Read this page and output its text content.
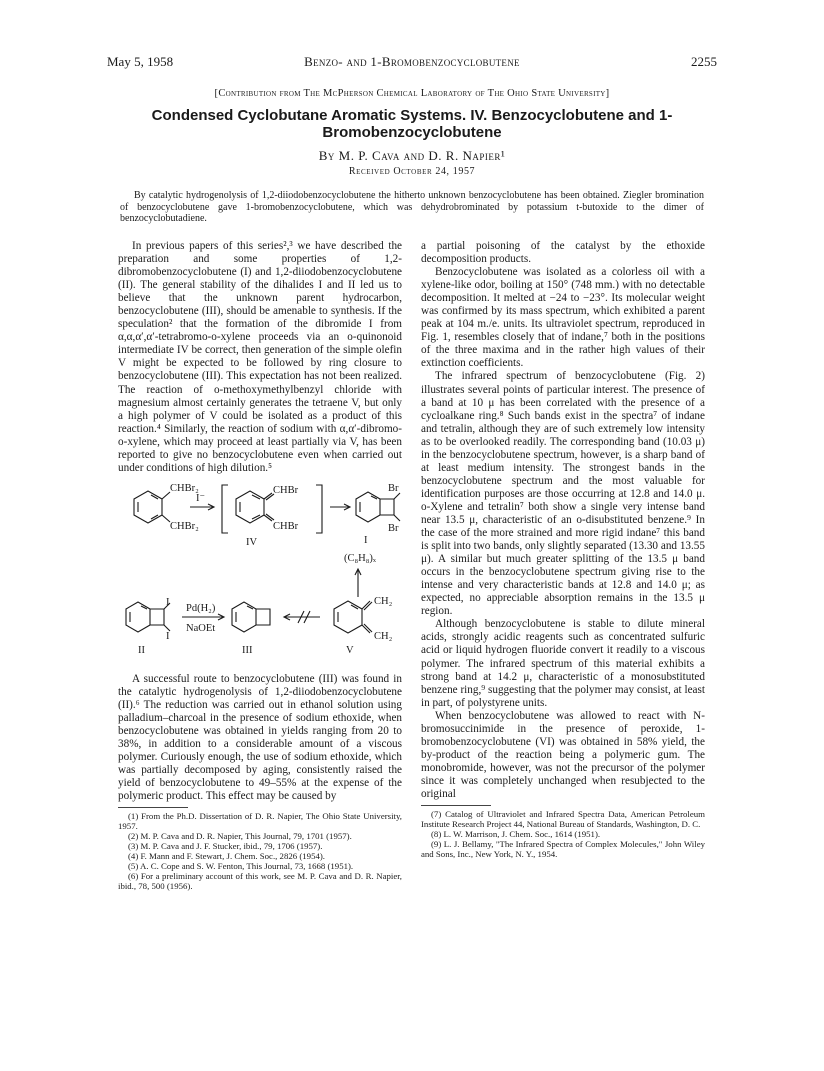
May 5, 1958	Benzo- and 1-Bromobenzocyclobutene	2255
[Contribution from The McPherson Chemical Laboratory of The Ohio State University]
Condensed Cyclobutane Aromatic Systems. IV. Benzocyclobutene and 1-Bromobenzocyclobutene
By M. P. Cava and D. R. Napier¹
Received October 24, 1957
By catalytic hydrogenolysis of 1,2-diiodobenzocyclobutene the hitherto unknown benzocyclobutene has been obtained. Ziegler bromination of benzocyclobutene gave 1-bromobenzocyclobutene, which was dehydrobrominated by potassium t-butoxide to the dimer of benzocyclobutadiene.

In previous papers of this series²,³ we have described the preparation and some properties of 1,2-dibromobenzocyclobutene (I) and 1,2-diiodobenzocyclobutene (II). The general stability of the dihalides I and II led us to believe that the unknown parent hydrocarbon, benzocyclobutene (III), should be amenable to synthesis. If the speculation² that the formation of the dibromide I from α,α,α′,α′-tetrabromo-o-xylene proceeds via an o-quinonoid intermediate IV be correct, then generation of the simple olefin V might be expected to be followed by ring closure to benzocyclobutene (III). This expectation has not been realized. The reaction of o-methoxymethylbenzyl chloride with magnesium almost certainly generates the tetraene V, but only a high polymer of V could be isolated as a product of this reaction.⁴ Similarly, the reaction of sodium with α,α′-dibromo-o-xylene, which may proceed at least partially via V, has been reported to give no benzocyclobutene even when carried out under conditions of high dilution.⁵

CHBr₂
CHBr₂
I⁻
CHBr
CHBr
Br
Br
IV	I
(C₈H₈)ₓ
I
I
Pd(H₂)
NaOEt
CH₂
CH₂
II	III	V

A successful route to benzocyclobutene (III) was found in the catalytic hydrogenolysis of 1,2-diiodobenzocyclobutene (II).⁶ The reduction was carried out in ethanol solution using palladium–charcoal in the presence of sodium ethoxide, when benzocyclobutene was obtained in yields ranging from 20 to 38%, in addition to a considerable amount of a viscous polymer. Curiously enough, the use of sodium ethoxide, which was partially decomposed by aging, consistently raised the yield of benzocyclobutene to 49–55% at the expense of the polymeric product. This effect may be caused by

(1) From the Ph.D. Dissertation of D. R. Napier, The Ohio State University, 1957.
(2) M. P. Cava and D. R. Napier, This Journal, 79, 1701 (1957).
(3) M. P. Cava and J. F. Stucker, ibid., 79, 1706 (1957).
(4) F. Mann and F. Stewart, J. Chem. Soc., 2826 (1954).
(5) A. C. Cope and S. W. Fenton, This Journal, 73, 1668 (1951).
(6) For a preliminary account of this work, see M. P. Cava and D. R. Napier, ibid., 78, 500 (1956).

a partial poisoning of the catalyst by the ethoxide decomposition products.

Benzocyclobutene was isolated as a colorless oil with a xylene-like odor, boiling at 150° (748 mm.) with no detectable decomposition. It melted at −24 to −23°. Its molecular weight was confirmed by its mass spectrum, which exhibited a parent peak at 104 m./e. units. Its ultraviolet spectrum, reproduced in Fig. 1, resembles closely that of indane,⁷ both in the positions of the three maxima and in the rather high values of their extinction coefficients.

The infrared spectrum of benzocyclobutene (Fig. 2) illustrates several points of particular interest. The presence of a band at 10 μ has been correlated with the presence of a cycloalkane ring.⁸ Such bands exist in the spectra⁷ of indane and tetralin, although they are of such extremely low intensity as to be overlooked readily. The corresponding band (10.03 μ) in the benzocyclobutene spectrum, however, is a sharp band of at least medium intensity. The strongest bands in the benzocyclobutene spectrum and the most valuable for identification purposes are those occurring at 12.8 and 14.0 μ. o-Xylene and tetralin⁷ both show a single very intense band near 13.5 μ, characteristic of an o-disubstituted benzene.⁹ In the case of the more strained and more rigid indane⁷ this band is split into two bands, only slightly separated (13.30 and 13.55 μ). A similar but much greater splitting of the 13.5 μ band occurs in the benzocyclobutene spectrum giving rise to the intense and very characteristic bands at 12.8 and 14.0 μ; as expected, no appreciable absorption remains in the 13.5 μ region.

Although benzocyclobutene is stable to dilute mineral acids, strongly acidic reagents such as concentrated sulfuric acid or liquid hydrogen fluoride convert it readily to a viscous polymer. The infrared spectrum of this material exhibits a strong band at 14.2 μ, characteristic of a monosubstituted benzene ring,⁹ suggesting that the polymer may consist, at least in part, of polystyrene units.

When benzocyclobutene was allowed to react with N-bromosuccinimide in the presence of peroxide, 1-bromobenzocyclobutene (VI) was obtained in 58% yield, the by-product of the reaction being a polymeric gum. The monobromide, however, was not the precursor of the polymer since it was completely unchanged when resubjected to the original

(7) Catalog of Ultraviolet and Infrared Spectra Data, American Petroleum Institute Research Project 44, National Bureau of Standards, Washington, D. C.
(8) L. W. Marrison, J. Chem. Soc., 1614 (1951).
(9) L. J. Bellamy, "The Infrared Spectra of Complex Molecules," John Wiley and Sons, Inc., New York, N. Y., 1954.
